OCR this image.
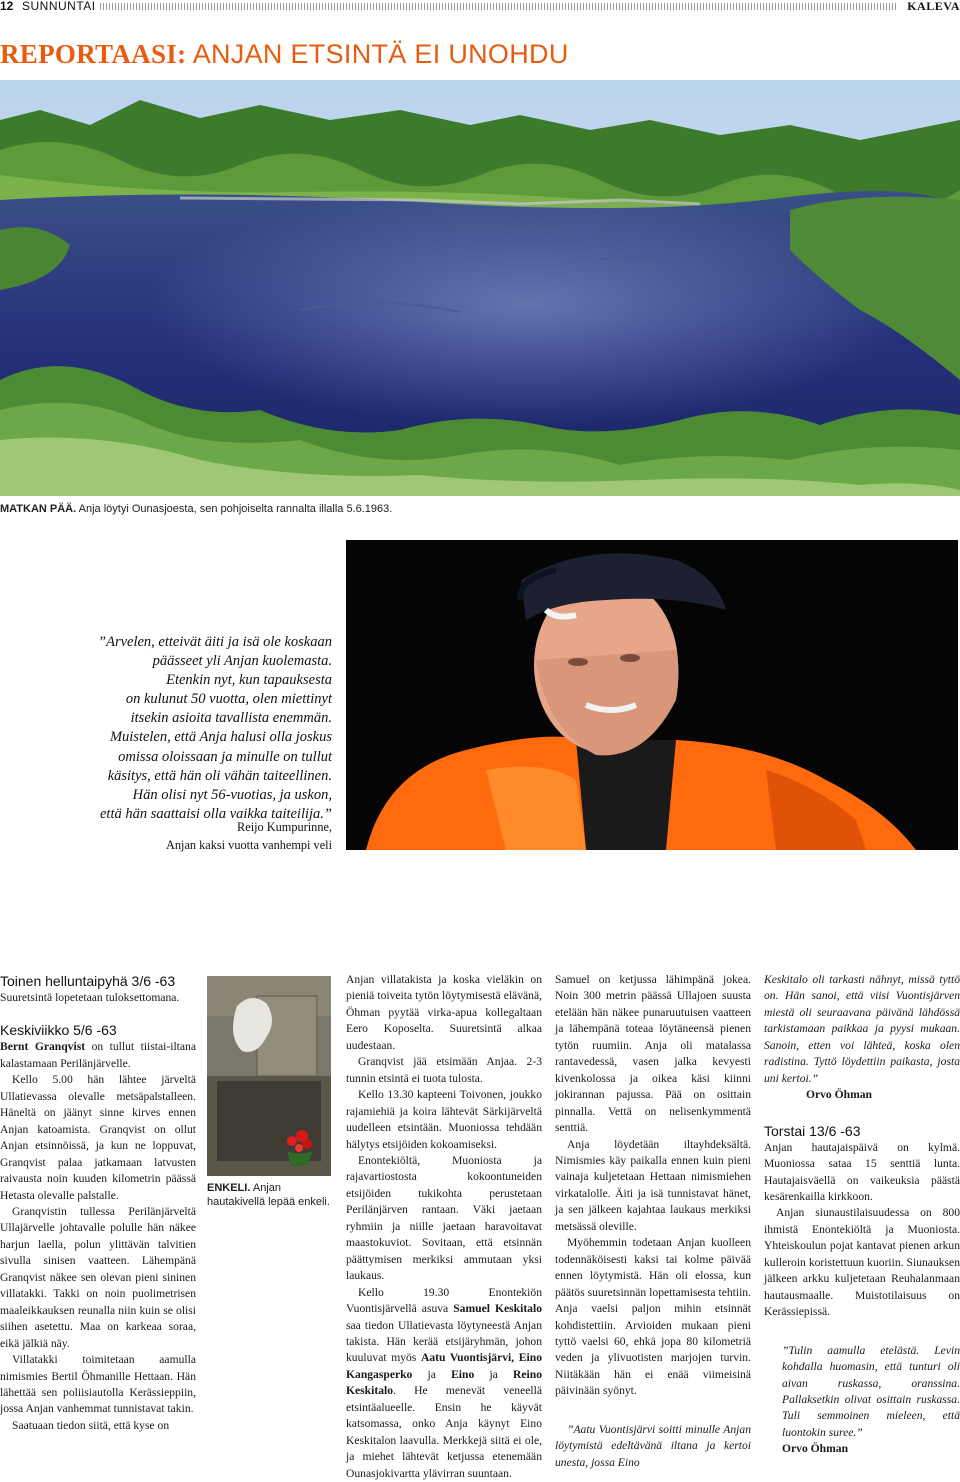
12 SUNNUNTAI	KALEVA
REPORTAASI: ANJAN ETSINTÄ EI UNOHDU
MATKAN PÄÄ. Anja löytyi Ounasjoesta, sen pohjoiselta rannalta illalla 5.6.1963.
”Arvelen, etteivät äiti ja isä ole koskaan
päässeet yli Anjan kuolemasta.
Etenkin nyt, kun tapauksesta
on kulunut 50 vuotta, olen miettinyt
itsekin asioita tavallista enemmän.
Muistelen, että Anja halusi olla joskus
omissa oloissaan ja minulle on tullut
käsitys, että hän oli vähän taiteellinen.
Hän olisi nyt 56-vuotias, ja uskon,
että hän saattaisi olla vaikka taiteilija.”
Reijo Kumpurinne,
Anjan kaksi vuotta vanhempi veli

Toinen helluntaipyhä 3/6 -63

Suuretsintä lopetetaan tuloksettomana.

Keskiviikko 5/6 -63

Bernt Granqvist on tullut tiistai-iltana kalastamaan Perilänjärvelle.

Kello 5.00 hän lähtee järveltä Ullatievassa olevalle metsäpalstalleen. Häneltä on jäänyt sinne kirves ennen Anjan katoamista. Granqvist on ollut Anjan etsinnöissä, ja kun ne loppuvat, Granqvist palaa jatkamaan latvusten raivausta noin kuuden kilometrin päässä Hetasta olevalle palstalle.

Granqvistin tullessa Perilänjärveltä Ullajärvelle johtavalle polulle hän näkee harjun laella, polun ylittävän talvitien sivulla sinisen vaatteen. Lähempänä Granqvist näkee sen olevan pieni sininen villatakki. Takki on noin puolimetrisen maaleikkauksen reunalla niin kuin se olisi siihen asetettu. Maa on karkeaa soraa, eikä jälkiä näy.

Villatakki toimitetaan aamulla nimismies Bertil Öhmanille Hettaan. Hän lähettää sen poliisiautolla Kerässieppiin, jossa Anjan vanhemmat tunnistavat takin.

Saatuaan tiedon siitä, että kyse on

ENKELI. Anjan hautakivellä lepää enkeli.

Anjan villatakista ja koska vieläkin on pieniä toiveita tytön löytymisestä elävänä, Öhman pyytää virka-apua kollegaltaan Eero Koposelta. Suuretsintä alkaa uudestaan.

Granqvist jää etsimään Anjaa. 2-3 tunnin etsintä ei tuota tulosta.

Kello 13.30 kapteeni Toivonen, joukko rajamiehiä ja koira lähtevät Särkijärveltä uudelleen etsintään. Muoniossa tehdään hälytys etsijöiden kokoamiseksi.

Enontekiöltä, Muoniosta ja rajavartiostosta kokoontuneiden etsijöiden tukikohta perustetaan Perilänjärven rantaan. Väki jaetaan ryhmiin ja niille jaetaan haravoitavat maastokuviot. Sovitaan, että etsinnän päättymisen merkiksi ammutaan yksi laukaus.

Kello 19.30 Enontekiön Vuontisjärvellä asuva Samuel Keskitalo saa tiedon Ullatievasta löytyneestä Anjan takista. Hän kerää etsijäryhmän, johon kuuluvat myös Aatu Vuontisjärvi, Eino Kangasperko ja Eino ja Reino Keskitalo. He menevät veneellä etsintäalueelle. Ensin he käyvät katsomassa, onko Anja käynyt Eino Keskitalon laavulla. Merkkejä siitä ei ole, ja miehet lähtevät ketjussa etenemään Ounasjokivartta ylävirran suuntaan.

Samuel on ketjussa lähimpänä jokea. Noin 300 metrin päässä Ullajoen suusta etelään hän näkee punaruutuisen vaatteen ja lähempänä toteaa löytäneensä pienen tytön ruumiin. Anja oli matalassa rantavedessä, vasen jalka kevyesti kivenkolossa ja oikea käsi kiinni jokirannan pajussa. Pää on osittain pinnalla. Vettä on nelisenkymmentä senttiä.

Anja löydetään iltayhdeksältä. Nimismies käy paikalla ennen kuin pieni vainaja kuljetetaan Hettaan nimismiehen virkatalolle. Äiti ja isä tunnistavat hänet, ja sen jälkeen kajahtaa laukaus merkiksi metsässä oleville.

Myöhemmin todetaan Anjan kuolleen todennäköisesti kaksi tai kolme päivää ennen löytymistä. Hän oli elossa, kun päätös suuretsinnän lopettamisesta tehtiin. Anja vaelsi paljon mihin etsinnät kohdistettiin. Arvioiden mukaan pieni tyttö vaelsi 60, ehkä jopa 80 kilometriä veden ja ylivuotisten marjojen turvin. Niitäkään hän ei enää viimeisinä päivinään syönyt.

”Aatu Vuontisjärvi soitti minulle Anjan löytymistä edeltävänä iltana ja kertoi unesta, jossa Eino

Keskitalo oli tarkasti nähnyt, missä tyttö on. Hän sanoi, että viisi Vuontisjärven miestä oli seuraavana päivänä lähdössä tarkistamaan paikkaa ja pyysi mukaan. Sanoin, etten voi lähteä, koska olen radistina. Tyttö löydettiin paikasta, josta uni kertoi.”

Orvo Öhman

Torstai 13/6 -63

Anjan hautajaispäivä on kylmä. Muoniossa sataa 15 senttiä lunta. Hautajaisväellä on vaikeuksia päästä kesärenkailla kirkkoon.

Anjan siunaustilaisuudessa on 800 ihmistä Enontekiöltä ja Muoniosta. Yhteiskoulun pojat kantavat pienen arkun kulleroin koristettuun kuoriin. Siunauksen jälkeen arkku kuljetetaan Reuhalanmaan hautausmaalle. Muistotilaisuus on Kerässiepissä.

”Tulin aamulla etelästä. Levin kohdalla huomasin, että tunturi oli aivan ruskassa, oranssina. Pallaksetkin olivat osittain ruskassa. Tuli semmoinen mieleen, että luontokin suree.”

Orvo Öhman
